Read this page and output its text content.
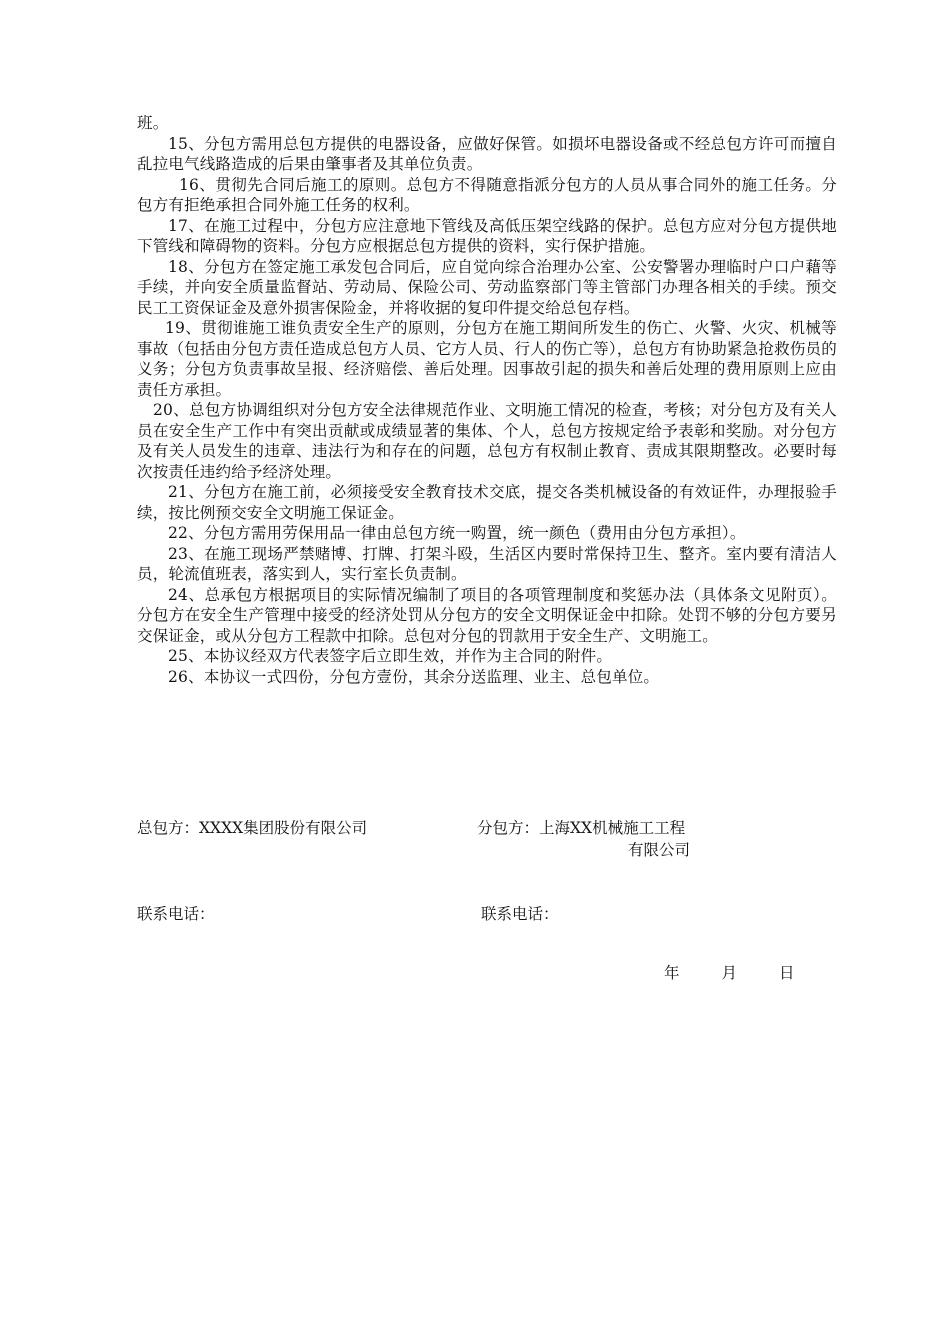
班。

15、分包方需用总包方提供的电器设备，应做好保管。如损坏电器设备或不经总包方许可而擅自乱拉电气线路造成的后果由肇事者及其单位负责。

16、贯彻先合同后施工的原则。总包方不得随意指派分包方的人员从事合同外的施工任务。分包方有拒绝承担合同外施工任务的权利。

17、在施工过程中，分包方应注意地下管线及高低压架空线路的保护。总包方应对分包方提供地下管线和障碍物的资料。分包方应根据总包方提供的资料，实行保护措施。

18、分包方在签定施工承发包合同后，应自觉向综合治理办公室、公安警署办理临时户口户藉等手续，并向安全质量监督站、劳动局、保险公司、劳动监察部门等主管部门办理各相关的手续。预交民工工资保证金及意外损害保险金，并将收据的复印件提交给总包存档。

19、贯彻谁施工谁负责安全生产的原则，分包方在施工期间所发生的伤亡、火警、火灾、机械等事故（包括由分包方责任造成总包方人员、它方人员、行人的伤亡等），总包方有协助紧急抢救伤员的义务；分包方负责事故呈报、经济赔偿、善后处理。因事故引起的损失和善后处理的费用原则上应由责任方承担。

20、总包方协调组织对分包方安全法律规范作业、文明施工情况的检查，考核；对分包方及有关人员在安全生产工作中有突出贡献或成绩显著的集体、个人，总包方按规定给予表彰和奖励。对分包方及有关人员发生的违章、违法行为和存在的问题，总包方有权制止教育、责成其限期整改。必要时每次按责任违约给予经济处理。

21、分包方在施工前，必须接受安全教育技术交底，提交各类机械设备的有效证件，办理报验手续，按比例预交安全文明施工保证金。

22、分包方需用劳保用品一律由总包方统一购置，统一颜色（费用由分包方承担）。

23、在施工现场严禁赌博、打牌、打架斗殴，生活区内要时常保持卫生、整齐。室内要有清洁人员，轮流值班表，落实到人，实行室长负责制。

24、总承包方根据项目的实际情况编制了项目的各项管理制度和奖惩办法（具体条文见附页）。分包方在安全生产管理中接受的经济处罚从分包方的安全文明保证金中扣除。处罚不够的分包方要另交保证金，或从分包方工程款中扣除。总包对分包的罚款用于安全生产、文明施工。

25、本协议经双方代表签字后立即生效，并作为主合同的附件。

26、本协议一式四份，分包方壹份，其余分送监理、业主、总包单位。

总包方：XXXX集团股份有限公司	分包方：上海XX机械施工工程
有限公司
联系电话：	联系电话：
年	月	日
